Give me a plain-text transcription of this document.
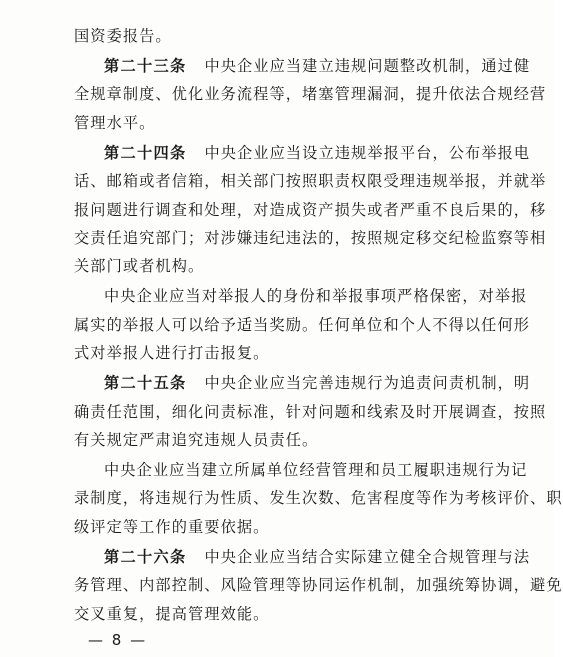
国资委报告。
第二十三条 中央企业应当建立违规问题整改机制，通过健
全规章制度、优化业务流程等，堵塞管理漏洞，提升依法合规经营
管理水平。
第二十四条 中央企业应当设立违规举报平台，公布举报电
话、邮箱或者信箱，相关部门按照职责权限受理违规举报，并就举
报问题进行调查和处理，对造成资产损失或者严重不良后果的，移
交责任追究部门；对涉嫌违纪违法的，按照规定移交纪检监察等相
关部门或者机构。
中央企业应当对举报人的身份和举报事项严格保密，对举报
属实的举报人可以给予适当奖励。任何单位和个人不得以任何形
式对举报人进行打击报复。
第二十五条 中央企业应当完善违规行为追责问责机制，明
确责任范围，细化问责标准，针对问题和线索及时开展调查，按照
有关规定严肃追究违规人员责任。
中央企业应当建立所属单位经营管理和员工履职违规行为记
录制度，将违规行为性质、发生次数、危害程度等作为考核评价、职
级评定等工作的重要依据。
第二十六条 中央企业应当结合实际建立健全合规管理与法
务管理、内部控制、风险管理等协同运作机制，加强统筹协调，避免
交叉重复，提高管理效能。
— 8 —
